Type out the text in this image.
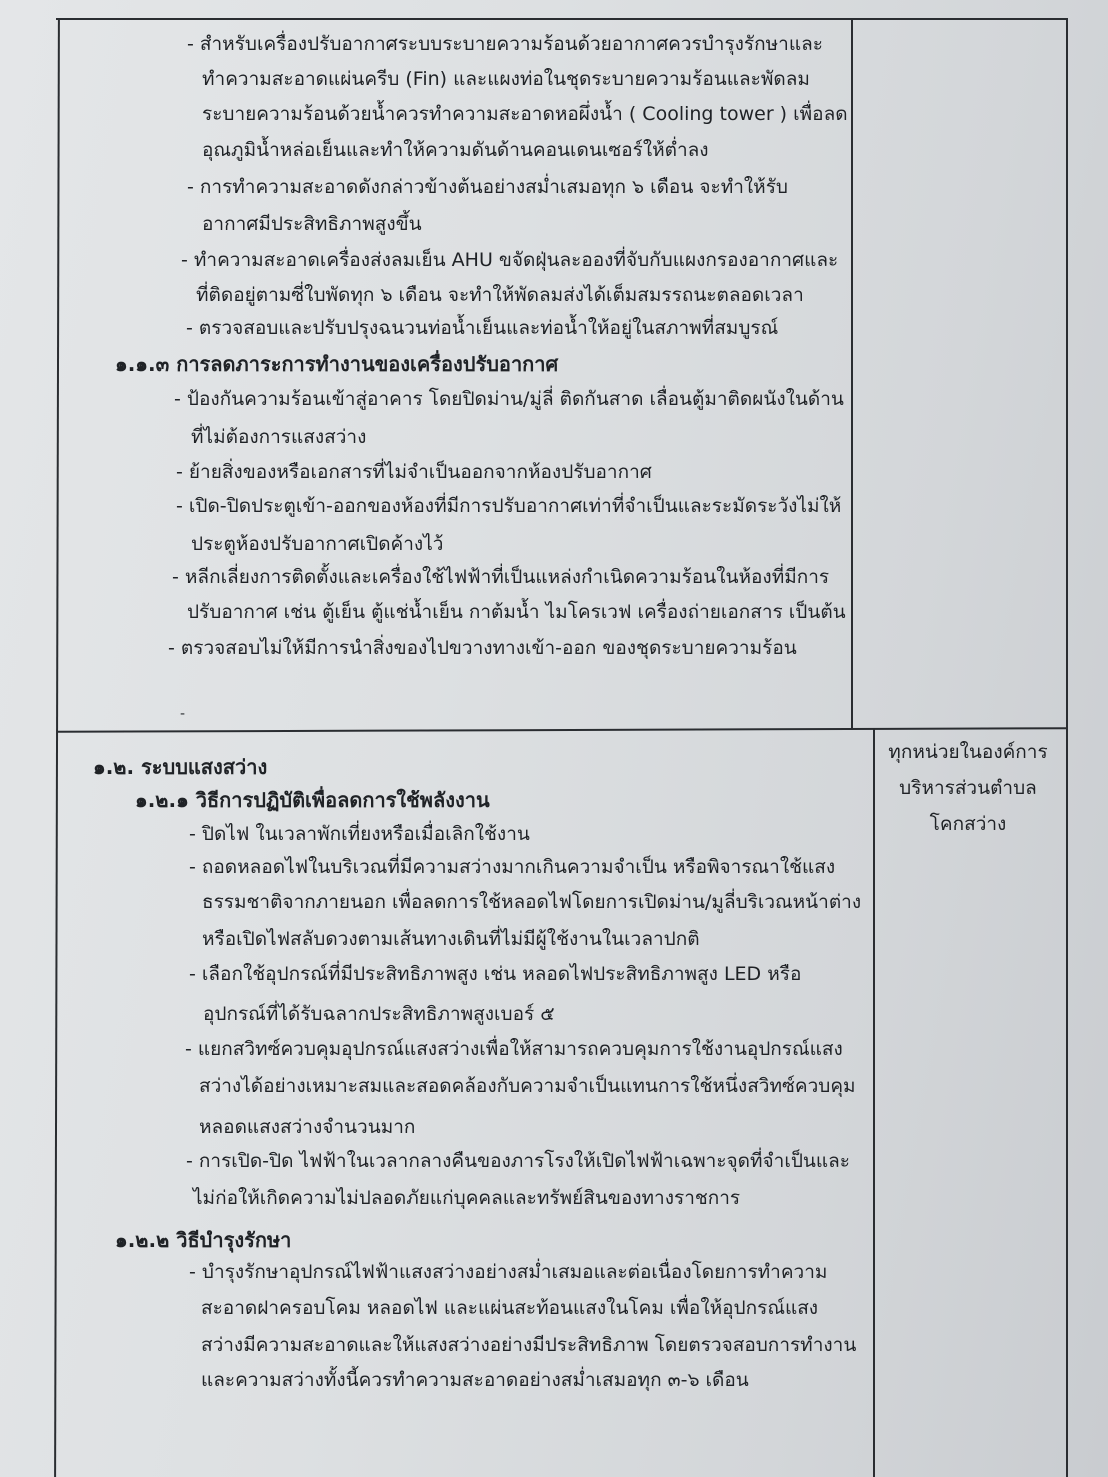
-
- สำหรับเครื่องปรับอากาศระบบระบายความร้อนด้วยอากาศควรบำรุงรักษาและ
ทำความสะอาดแผ่นครีบ (Fin) และแผงท่อในชุดระบายความร้อนและพัดลม
ระบายความร้อนด้วยน้ำควรทำความสะอาดหอผึ่งน้ำ ( Cooling tower ) เพื่อลด
อุณภูมิน้ำหล่อเย็นและทำให้ความดันด้านคอนเดนเซอร์ให้ต่ำลง
- การทำความสะอาดดังกล่าวข้างต้นอย่างสม่ำเสมอทุก ๖ เดือน จะทำให้รับ
อากาศมีประสิทธิภาพสูงขึ้น
- ทำความสะอาดเครื่องส่งลมเย็น AHU ขจัดฝุ่นละอองที่จับกับแผงกรองอากาศและ
ที่ติดอยู่ตามซี่ใบพัดทุก ๖ เดือน จะทำให้พัดลมส่งได้เต็มสมรรถนะตลอดเวลา
- ตรวจสอบและปรับปรุงฉนวนท่อน้ำเย็นและท่อน้ำให้อยู่ในสภาพที่สมบูรณ์
๑.๑.๓ การลดภาระการทำงานของเครื่องปรับอากาศ
- ป้องกันความร้อนเข้าสู่อาคาร โดยปิดม่าน/มู่ลี่ ติดกันสาด เลื่อนตู้มาติดผนังในด้าน
ที่ไม่ต้องการแสงสว่าง
- ย้ายสิ่งของหรือเอกสารที่ไม่จำเป็นออกจากห้องปรับอากาศ
- เปิด-ปิดประตูเข้า-ออกของห้องที่มีการปรับอากาศเท่าที่จำเป็นและระมัดระวังไม่ให้
ประตูห้องปรับอากาศเปิดค้างไว้
- หลีกเลี่ยงการติดตั้งและเครื่องใช้ไฟฟ้าที่เป็นแหล่งกำเนิดความร้อนในห้องที่มีการ
ปรับอากาศ เช่น ตู้เย็น ตู้แช่น้ำเย็น กาต้มน้ำ ไมโครเวฟ เครื่องถ่ายเอกสาร เป็นต้น
- ตรวจสอบไม่ให้มีการนำสิ่งของไปขวางทางเข้า-ออก ของชุดระบายความร้อน
๑.๒. ระบบแสงสว่าง
๑.๒.๑ วิธีการปฏิบัติเพื่อลดการใช้พลังงาน
- ปิดไฟ ในเวลาพักเที่ยงหรือเมื่อเลิกใช้งาน
- ถอดหลอดไฟในบริเวณที่มีความสว่างมากเกินความจำเป็น หรือพิจารณาใช้แสง
ธรรมชาติจากภายนอก เพื่อลดการใช้หลอดไฟโดยการเปิดม่าน/มูลี่บริเวณหน้าต่าง
หรือเปิดไฟสลับดวงตามเส้นทางเดินที่ไม่มีผู้ใช้งานในเวลาปกติ
- เลือกใช้อุปกรณ์ที่มีประสิทธิภาพสูง เช่น หลอดไฟประสิทธิภาพสูง LED หรือ
อุปกรณ์ที่ได้รับฉลากประสิทธิภาพสูงเบอร์ ๕
- แยกสวิทซ์ควบคุมอุปกรณ์แสงสว่างเพื่อให้สามารถควบคุมการใช้งานอุปกรณ์แสง
สว่างได้อย่างเหมาะสมและสอดคล้องกับความจำเป็นแทนการใช้หนึ่งสวิทซ์ควบคุม
หลอดแสงสว่างจำนวนมาก
- การเปิด-ปิด ไฟฟ้าในเวลากลางคืนของภารโรงให้เปิดไฟฟ้าเฉพาะจุดที่จำเป็นและ
ไม่ก่อให้เกิดความไม่ปลอดภัยแก่บุคคลและทรัพย์สินของทางราชการ
๑.๒.๒ วิธีบำรุงรักษา
- บำรุงรักษาอุปกรณ์ไฟฟ้าแสงสว่างอย่างสม่ำเสมอและต่อเนื่องโดยการทำความ
สะอาดฝาครอบโคม หลอดไฟ และแผ่นสะท้อนแสงในโคม เพื่อให้อุปกรณ์แสง
สว่างมีความสะอาดและให้แสงสว่างอย่างมีประสิทธิภาพ โดยตรวจสอบการทำงาน
และความสว่างทั้งนี้ควรทำความสะอาดอย่างสม่ำเสมอทุก ๓-๖ เดือน
ทุกหน่วยในองค์การ
บริหารส่วนตำบล
โคกสว่าง
